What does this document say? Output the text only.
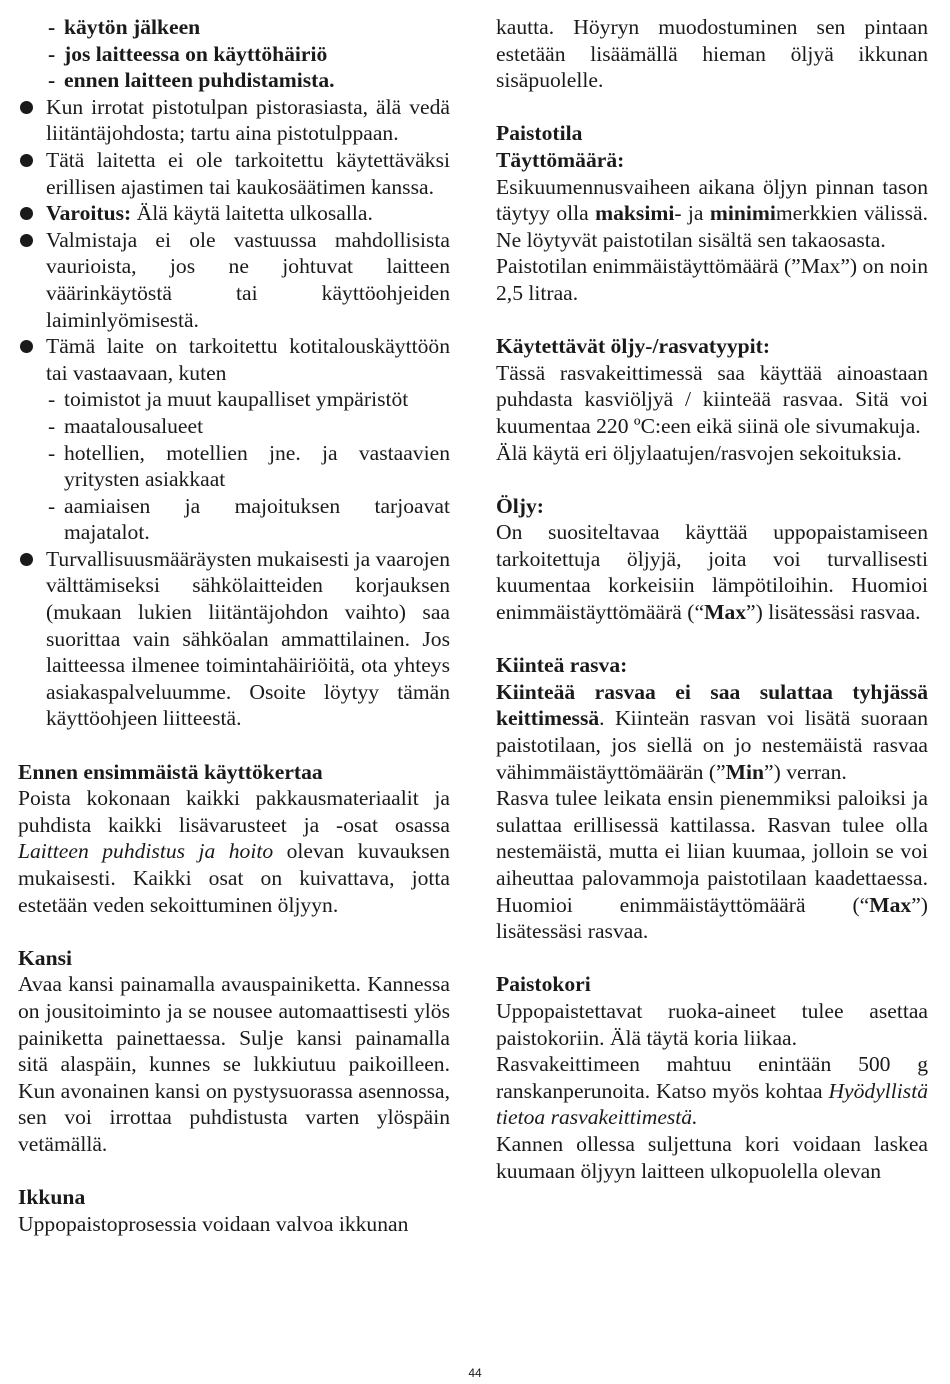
- käytön jälkeen

- jos laitteessa on käyttöhäiriö

- ennen laitteen puhdistamista.

Kun irrotat pistotulpan pistorasiasta, älä vedä liitäntäjohdosta; tartu aina pistotulppaan.

Tätä laitetta ei ole tarkoitettu käytettäväksi erillisen ajastimen tai kaukosäätimen kanssa.

Varoitus: Älä käytä laitetta ulkosalla.

Valmistaja ei ole vastuussa mahdollisista vaurioista, jos ne johtuvat laitteen väärinkäytöstä tai käyttöohjeiden laiminlyömisestä.

Tämä laite on tarkoitettu kotitalouskäyttöön tai vastaavaan, kuten

- toimistot ja muut kaupalliset ympäristöt

- maatalousalueet

- hotellien, motellien jne. ja vastaavien yritysten asiakkaat

- aamiaisen ja majoituksen tarjoavat majatalot.

Turvallisuusmääräysten mukaisesti ja vaarojen välttämiseksi sähkölaitteiden korjauksen (mukaan lukien liitäntäjohdon vaihto) saa suorittaa vain sähköalan ammattilainen. Jos laitteessa ilmenee toimintahäiriöitä, ota yhteys asiakaspalveluumme. Osoite löytyy tämän käyttöohjeen liitteestä.

Ennen ensimmäistä käyttökertaa

Poista kokonaan kaikki pakkausmateriaalit ja puhdista kaikki lisävarusteet ja -osat osassa Laitteen puhdistus ja hoito olevan kuvauksen mukaisesti. Kaikki osat on kuivattava, jotta estetään veden sekoittuminen öljyyn.

Kansi

Avaa kansi painamalla avauspainiketta. Kannessa on jousitoiminto ja se nousee automaattisesti ylös painiketta painettaessa. Sulje kansi painamalla sitä alaspäin, kunnes se lukkiutuu paikoilleen. Kun avonainen kansi on pystysuorassa asennossa, sen voi irrottaa puhdistusta varten ylöspäin vetämällä.

Ikkuna

Uppopaistoprosessia voidaan valvoa ikkunan

kautta. Höyryn muodostuminen sen pintaan estetään lisäämällä hieman öljyä ikkunan sisäpuolelle.

Paistotila

Täyttömäärä:

Esikuumennusvaiheen aikana öljyn pinnan tason täytyy olla maksimi- ja minimimerkkien välissä. Ne löytyvät paistotilan sisältä sen takaosasta.

Paistotilan enimmäistäyttömäärä (”Max”) on noin 2,5 litraa.

Käytettävät öljy-/rasvatyypit:

Tässä rasvakeittimessä saa käyttää ainoastaan puhdasta kasviöljyä / kiinteää rasvaa. Sitä voi kuumentaa 220 ºC:een eikä siinä ole sivumakuja.

Älä käytä eri öljylaatujen/rasvojen sekoituksia.

Öljy:

On suositeltavaa käyttää uppopaistamiseen tarkoitettuja öljyjä, joita voi turvallisesti kuumentaa korkeisiin lämpötiloihin. Huomioi enimmäistäyttömäärä (“Max”) lisätessäsi rasvaa.

Kiinteä rasva:

Kiinteää rasvaa ei saa sulattaa tyhjässä keittimessä. Kiinteän rasvan voi lisätä suoraan paistotilaan, jos siellä on jo nestemäistä rasvaa vähimmäistäyttömäärän (”Min”) verran.

Rasva tulee leikata ensin pienemmiksi paloiksi ja sulattaa erillisessä kattilassa. Rasvan tulee olla nestemäistä, mutta ei liian kuumaa, jolloin se voi aiheuttaa palovammoja paistotilaan kaadettaessa. Huomioi enimmäistäyttömäärä (“Max”) lisätessäsi rasvaa.

Paistokori

Uppopaistettavat ruoka-aineet tulee asettaa paistokoriin. Älä täytä koria liikaa.

Rasvakeittimeen mahtuu enintään 500 g ranskanperunoita. Katso myös kohtaa Hyödyllistä tietoa rasvakeittimestä.

Kannen ollessa suljettuna kori voidaan laskea kuumaan öljyyn laitteen ulkopuolella olevan

44
